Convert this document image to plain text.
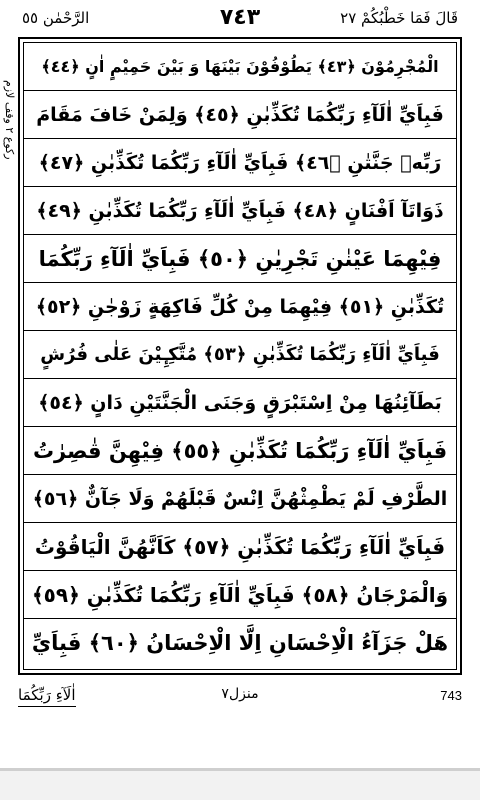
الرَّحْمٰن ٥٥	٧٤٣	قَالَ فَمَا خَطْبُكُمْ ٢٧
ركوع ٢ وقف لازم
الْمُجْرِمُوْنَ ﴿٤٣﴾ يَطُوْفُوْنَ بَيْنَهَا وَ بَيْنَ حَمِيْمٍ اٰنٍ ﴿٤٤﴾
فَبِاَيِّ اٰلَآءِ رَبِّكُمَا تُكَذِّبٰنِ ﴿٤٥﴾ وَلِمَنْ خَافَ مَقَامَ
رَبِّهٖ جَنَّتٰنِ ﴿٤٦﴾ فَبِاَيِّ اٰلَآءِ رَبِّكُمَا تُكَذِّبٰنِ ﴿٤٧﴾
ذَوَاتَآ اَفْنَانٍ ﴿٤٨﴾ فَبِاَيِّ اٰلَآءِ رَبِّكُمَا تُكَذِّبٰنِ ﴿٤٩﴾
فِيْهِمَا عَيْنٰنِ تَجْرِيٰنِ ﴿٥٠﴾ فَبِاَيِّ اٰلَآءِ رَبِّكُمَا
تُكَذِّبٰنِ ﴿٥١﴾ فِيْهِمَا مِنْ كُلِّ فَاكِهَةٍ زَوْجٰنِ ﴿٥٢﴾
فَبِاَيِّ اٰلَآءِ رَبِّكُمَا تُكَذِّبٰنِ ﴿٥٣﴾ مُتَّكِـِٕيْنَ عَلٰى فُرُشٍ
بَطَآئِنُهَا مِنْ اِسْتَبْرَقٍ وَجَنَى الْجَنَّتَيْنِ دَانٍ ﴿٥٤﴾
فَبِاَيِّ اٰلَآءِ رَبِّكُمَا تُكَذِّبٰنِ ﴿٥٥﴾ فِيْهِنَّ قٰصِرٰتُ
الطَّرْفِ لَمْ يَطْمِثْهُنَّ اِنْسٌ قَبْلَهُمْ وَلَا جَآنٌّ ﴿٥٦﴾
فَبِاَيِّ اٰلَآءِ رَبِّكُمَا تُكَذِّبٰنِ ﴿٥٧﴾ كَاَنَّهُنَّ الْيَاقُوْتُ
وَالْمَرْجَانُ ﴿٥٨﴾ فَبِاَيِّ اٰلَآءِ رَبِّكُمَا تُكَذِّبٰنِ ﴿٥٩﴾
هَلْ جَزَآءُ الْاِحْسَانِ اِلَّا الْاِحْسَانُ ﴿٦٠﴾ فَبِاَيِّ
اٰلَآءِ رَبِّكُمَا	منزل٧	743
